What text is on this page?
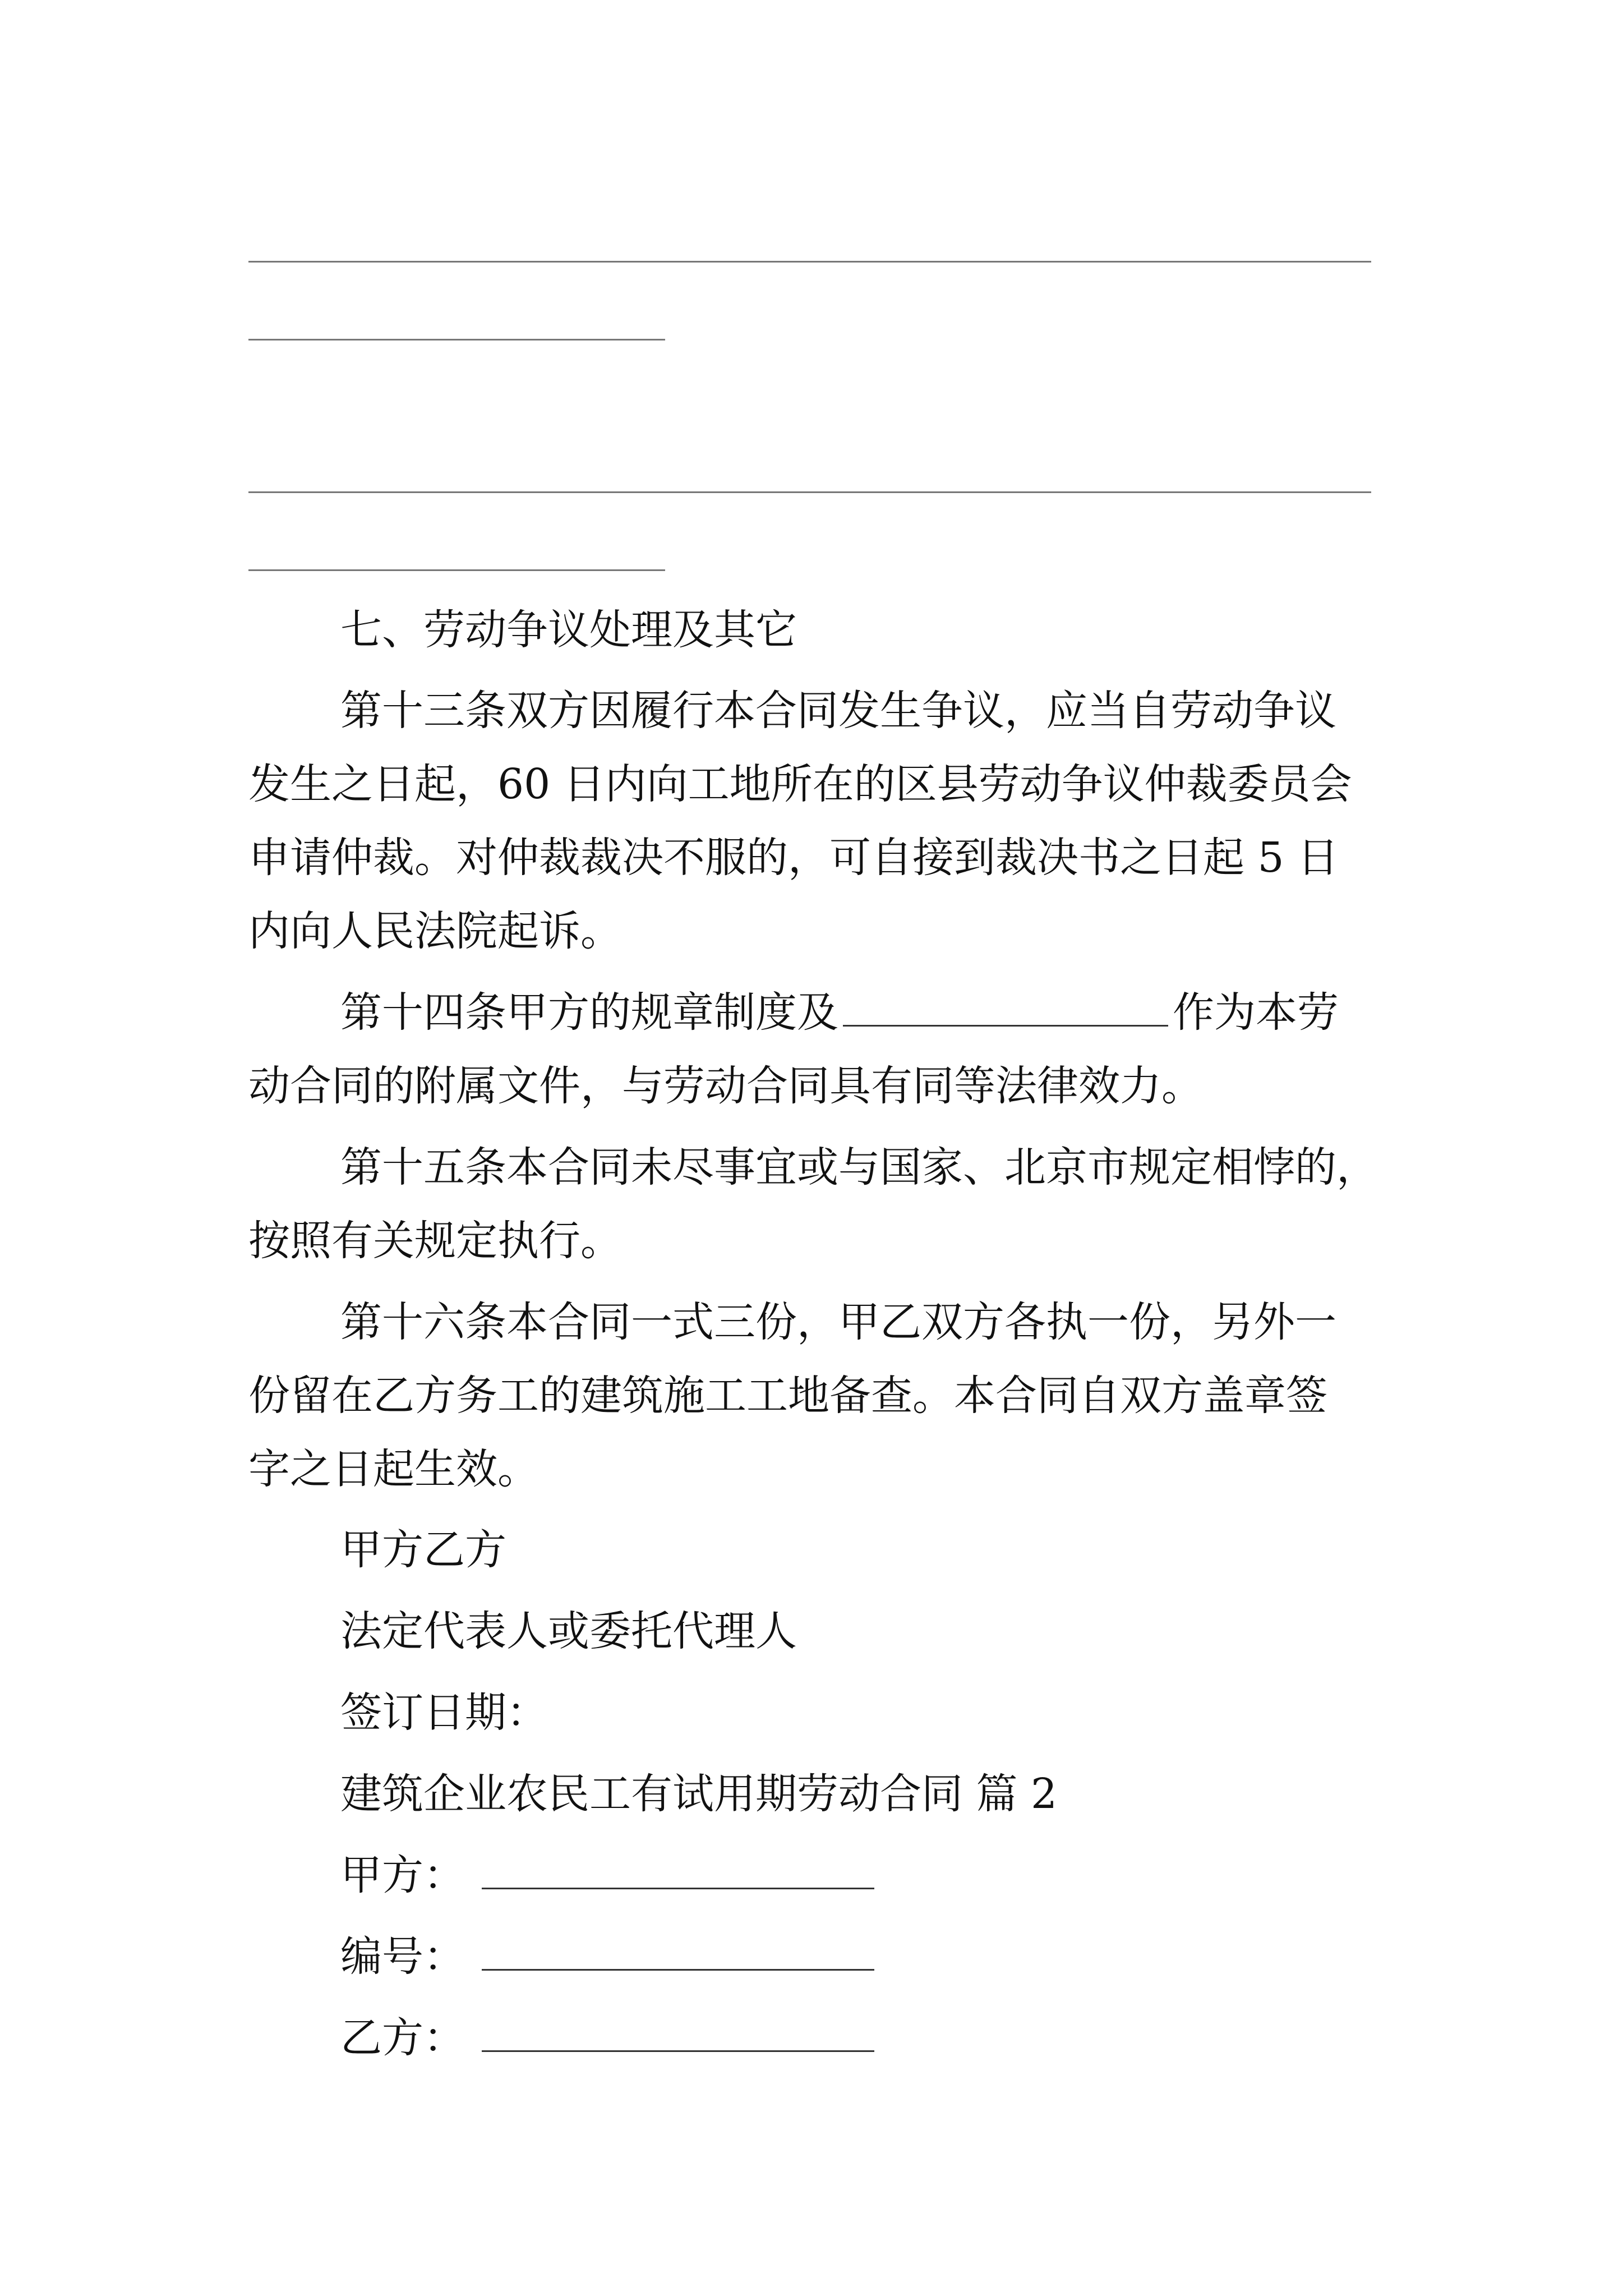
七、劳动争议处理及其它
第十三条双方因履行本合同发生争议，应当自劳动争议
发生之日起，60 日内向工地所在的区县劳动争议仲裁委员会
申请仲裁。对仲裁裁决不服的，可自接到裁决书之日起 5 日
内向人民法院起诉。
第十四条甲方的规章制度及	作为本劳
动合同的附属文件，与劳动合同具有同等法律效力。
第十五条本合同未尽事宜或与国家、北京市规定相悖的，
按照有关规定执行。
第十六条本合同一式三份，甲乙双方各执一份，另外一
份留在乙方务工的建筑施工工地备查。本合同自双方盖章签
字之日起生效。
甲方乙方
法定代表人或委托代理人
签订日期：
建筑企业农民工有试用期劳动合同 篇 2
甲方：
编号：
乙方：
